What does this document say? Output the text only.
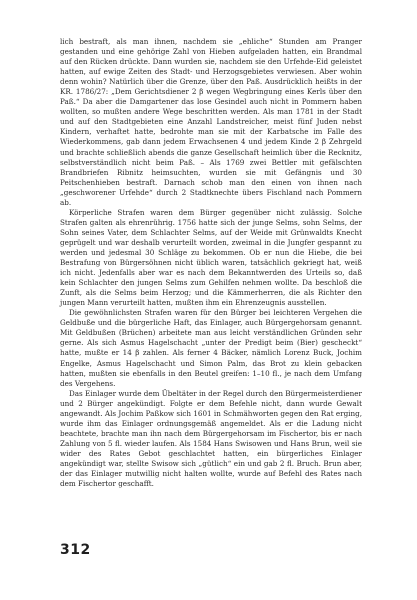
lich bestraft, als man ihnen, nachdem sie „ehliche“ Stunden am Pranger gestanden und eine gehörige Zahl von Hieben aufgeladen hatten, ein Brandmal auf den Rücken drückte. Dann wurden sie, nachdem sie den Urfehde-Eid geleistet hatten, auf ewige Zeiten des Stadt- und Herzogsgebietes verwiesen. Aber wohin denn wohin? Natürlich über die Grenze, über den Paß. Ausdrücklich heißts in der KR. 1786/27: „Dem Gerichtsdiener 2 β wegen Wegbringung eines Kerls über den Paß.“ Da aber die Damgartener das lose Gesindel auch nicht in Pommern haben wollten, so mußten andere Wege beschritten werden. Als man 1781 in der Stadt und auf den Stadtgebieten eine Anzahl Landstreicher, meist fünf Juden nebst Kindern, verhaftet hatte, bedrohte man sie mit der Karbatsche im Falle des Wiederkommens, gab dann jedem Erwachsenen 4 und jedem Kinde 2 β Zehrgeld und brachte schließlich abends die ganze Gesellschaft heimlich über die Recknitz, selbstverständlich nicht beim Paß. – Als 1769 zwei Bettler mit gefälschten Brandbriefen Ribnitz heimsuchten, wurden sie mit Gefängnis und 30 Peitschenhieben bestraft. Darnach schob man den einen von ihnen nach „geschworener Urfehde“ durch 2 Stadtknechte übers Fischland nach Pommern ab.

Körperliche Strafen waren dem Bürger gegenüber nicht zulässig. Solche Strafen galten als ehrenrührig. 1756 hatte sich der junge Selms, sohn Selms, der Sohn seines Vater, dem Schlachter Selms, auf der Weide mit Grünwaldts Knecht geprügelt und war deshalb verurteilt worden, zweimal in die Jungfer gespannt zu werden und jedesmal 30 Schläge zu bekommen. Ob er nun die Hiebe, die bei Bestrafung von Bürgersöhnen nicht üblich waren, tatsächlich gekriegt hat, weiß ich nicht. Jedenfalls aber war es nach dem Bekanntwerden des Urteils so, daß kein Schlachter den jungen Selms zum Gehilfen nehmen wollte. Da beschloß die Zunft, als die Selms beim Herzog; und die Kämmerherren, die als Richter den jungen Mann verurteilt hatten, mußten ihm ein Ehrenzeugnis ausstellen.

Die gewöhnlichsten Strafen waren für den Bürger bei leichteren Vergehen die Geldbuße und die bürgerliche Haft, das Einlager, auch Bürgergehorsam genannt. Mit Geldbußen (Brüchen) arbeitete man aus leicht verständlichen Gründen sehr gerne. Als sich Asmus Hagelschacht „unter der Predigt beim (Bier) gescheckt“ hatte, mußte er 14 β zahlen. Als ferner 4 Bäcker, nämlich Lorenz Buck, Jochim Engelke, Asmus Hagelschacht und Simon Palm, das Brot zu klein gebacken hatten, mußten sie ebenfalls in den Beutel greifen: 1–10 fl., je nach dem Umfang des Vergehens.

Das Einlager wurde dem Übeltäter in der Regel durch den Bürgermeisterdiener und 2 Bürger angekündigt. Folgte er dem Befehle nicht, dann wurde Gewalt angewandt. Als Jochim Paßkow sich 1601 in Schmähworten gegen den Rat erging, wurde ihm das Einlager ordnungsgemäß angemeldet. Als er die Ladung nicht beachtete, brachte man ihn nach dem Bürgergehorsam im Fischertor, bis er nach Zahlung von 5 fl. wieder laufen. Als 1584 Hans Swisowen und Hans Brun, weil sie wider des Rates Gebot geschlachtet hatten, ein bürgerliches Einlager angekündigt war, stellte Swisow sich „gütlich“ ein und gab 2 fl. Bruch. Brun aber, der das Einlager mutwillig nicht halten wollte, wurde auf Befehl des Rates nach dem Fischertor geschafft.

312
